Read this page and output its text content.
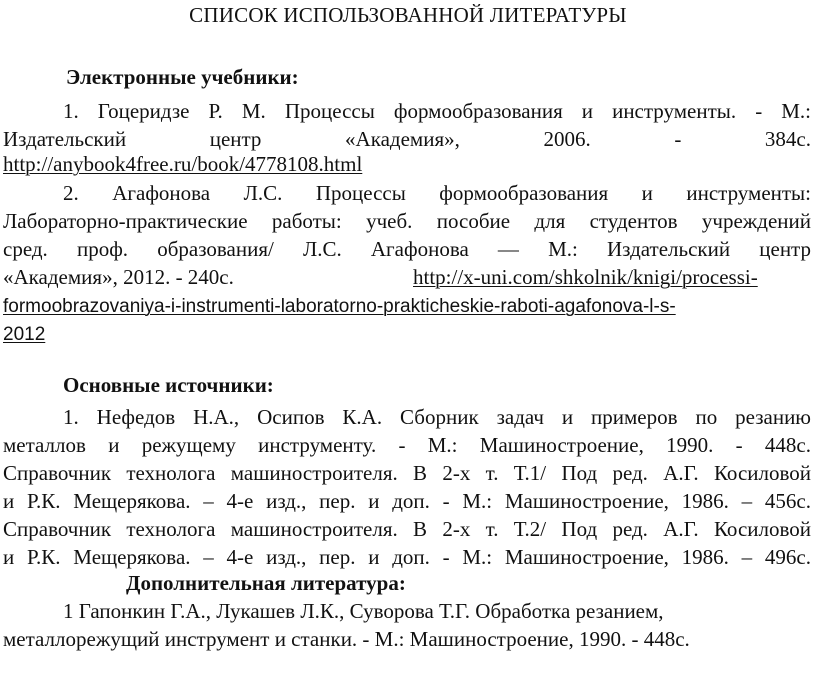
СПИСОК ИСПОЛЬЗОВАННОЙ ЛИТЕРАТУРЫ
Электронные учебники:
1. Гоцеридзе Р. М. Процессы формообразования и инструменты. - М.:
Издательский центр «Академия», 2006. - 384с.
http://anybook4free.ru/book/4778108.html
2. Агафонова Л.С. Процессы формообразования и инструменты:
Лабораторно-практические работы: учеб. пособие для студентов учреждений
сред. проф. образования/ Л.С. Агафонова — М.: Издательский центр
«Академия», 2012. - 240с.	http://x-uni.com/shkolnik/knigi/processi-
formoobrazovaniya-i-instrumenti-laboratorno-prakticheskie-raboti-agafonova-l-s-
2012
Основные источники:
1. Нефедов Н.А., Осипов К.А. Сборник задач и примеров по резанию
металлов и режущему инструменту. - М.: Машиностроение, 1990. - 448с.
Справочник технолога машиностроителя. В 2-х т. Т.1/ Под ред. А.Г. Косиловой
и Р.К. Мещерякова. – 4-е изд., пер. и доп. - М.: Машиностроение, 1986. – 456с.
Справочник технолога машиностроителя. В 2-х т. Т.2/ Под ред. А.Г. Косиловой
и Р.К. Мещерякова. – 4-е изд., пер. и доп. - М.: Машиностроение, 1986. – 496с.
Дополнительная литература:
1 Гапонкин Г.А., Лукашев Л.К., Суворова Т.Г. Обработка резанием,
металлорежущий инструмент и станки. - М.: Машиностроение, 1990. - 448с.
